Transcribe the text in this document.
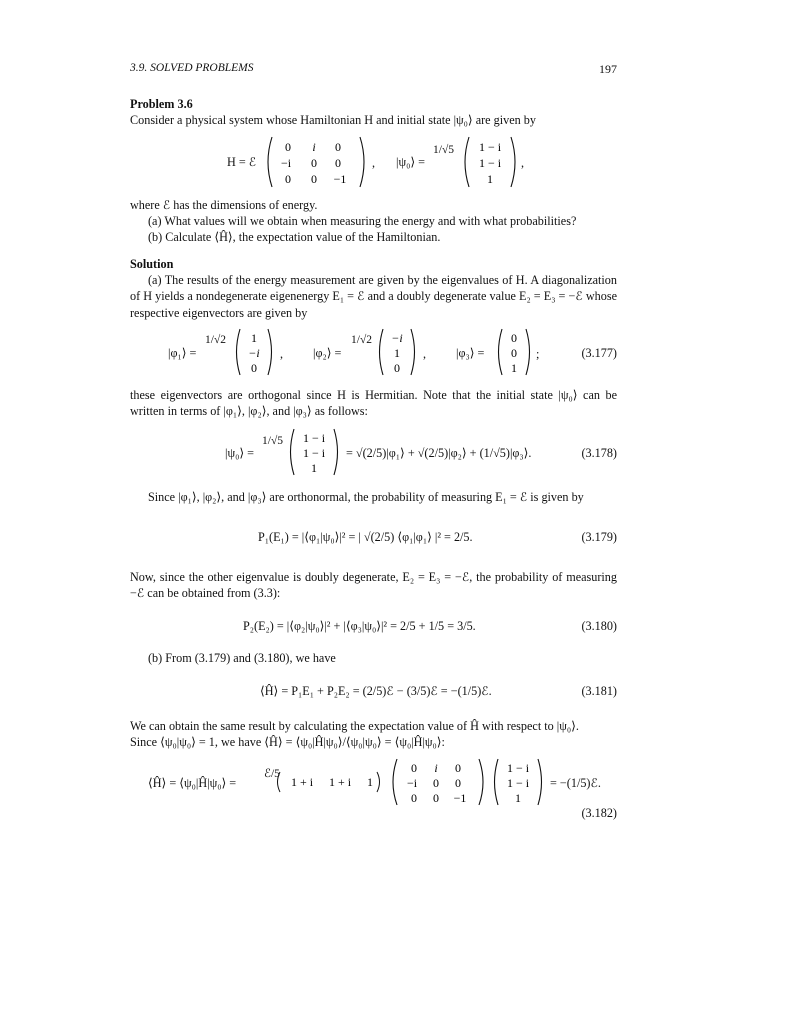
3.9. SOLVED PROBLEMS	197
Problem 3.6
Consider a physical system whose Hamiltonian H and initial state |ψ₀⟩ are given by
H = ℰ
0 i 0
−i 0 0
0 0 −1
, |ψ₀⟩ =
1/√5 1 − i
1 − i
1
,
where ℰ has the dimensions of energy.
(a) What values will we obtain when measuring the energy and with what probabilities?
(b) Calculate ⟨Ĥ⟩, the expectation value of the Hamiltonian.
Solution
(a) The results of the energy measurement are given by the eigenvalues of H. A diagonalization of H yields a nondegenerate eigenenergy E₁ = ℰ and a doubly degenerate value E₂ = E₃ = −ℰ whose respective eigenvectors are given by
|φ₁⟩ =
1/√2 1
−i
0
, |φ₂⟩ =
1/√2 −i
1
0
, |φ₃⟩ =
0
0
1
;	(3.177)
these eigenvectors are orthogonal since H is Hermitian. Note that the initial state |ψ₀⟩ can be written in terms of |φ₁⟩, |φ₂⟩, and |φ₃⟩ as follows:
|ψ₀⟩ =
1/√5 1 − i
1 − i
1
= √(2/5)|φ₁⟩ + √(2/5)|φ₂⟩ + (1/√5)|φ₃⟩.	(3.178)
Since |φ₁⟩, |φ₂⟩, and |φ₃⟩ are orthonormal, the probability of measuring E₁ = ℰ is given by
P₁(E₁) = |⟨φ₁|ψ₀⟩|² = | √(2/5) ⟨φ₁|φ₁⟩ |² = 2/5.	(3.179)
Now, since the other eigenvalue is doubly degenerate, E₂ = E₃ = −ℰ, the probability of measuring −ℰ can be obtained from (3.3):
P₂(E₂) = |⟨φ₂|ψ₀⟩|² + |⟨φ₃|ψ₀⟩|² = 2/5 + 1/5 = 3/5.	(3.180)
(b) From (3.179) and (3.180), we have
⟨Ĥ⟩ = P₁E₁ + P₂E₂ = (2/5)ℰ − (3/5)ℰ = −(1/5)ℰ.	(3.181)
We can obtain the same result by calculating the expectation value of Ĥ with respect to |ψ₀⟩.
Since ⟨ψ₀|ψ₀⟩ = 1, we have ⟨Ĥ⟩ = ⟨ψ₀|Ĥ|ψ₀⟩/⟨ψ₀|ψ₀⟩ = ⟨ψ₀|Ĥ|ψ₀⟩:
⟨Ĥ⟩ = ⟨ψ₀|Ĥ|ψ₀⟩ =
ℰ/5
1 + i 1 + i 1
0 i 0
−i 0 0
0 0 −1
1 − i
1 − i
1
= −(1/5)ℰ.
(3.182)
